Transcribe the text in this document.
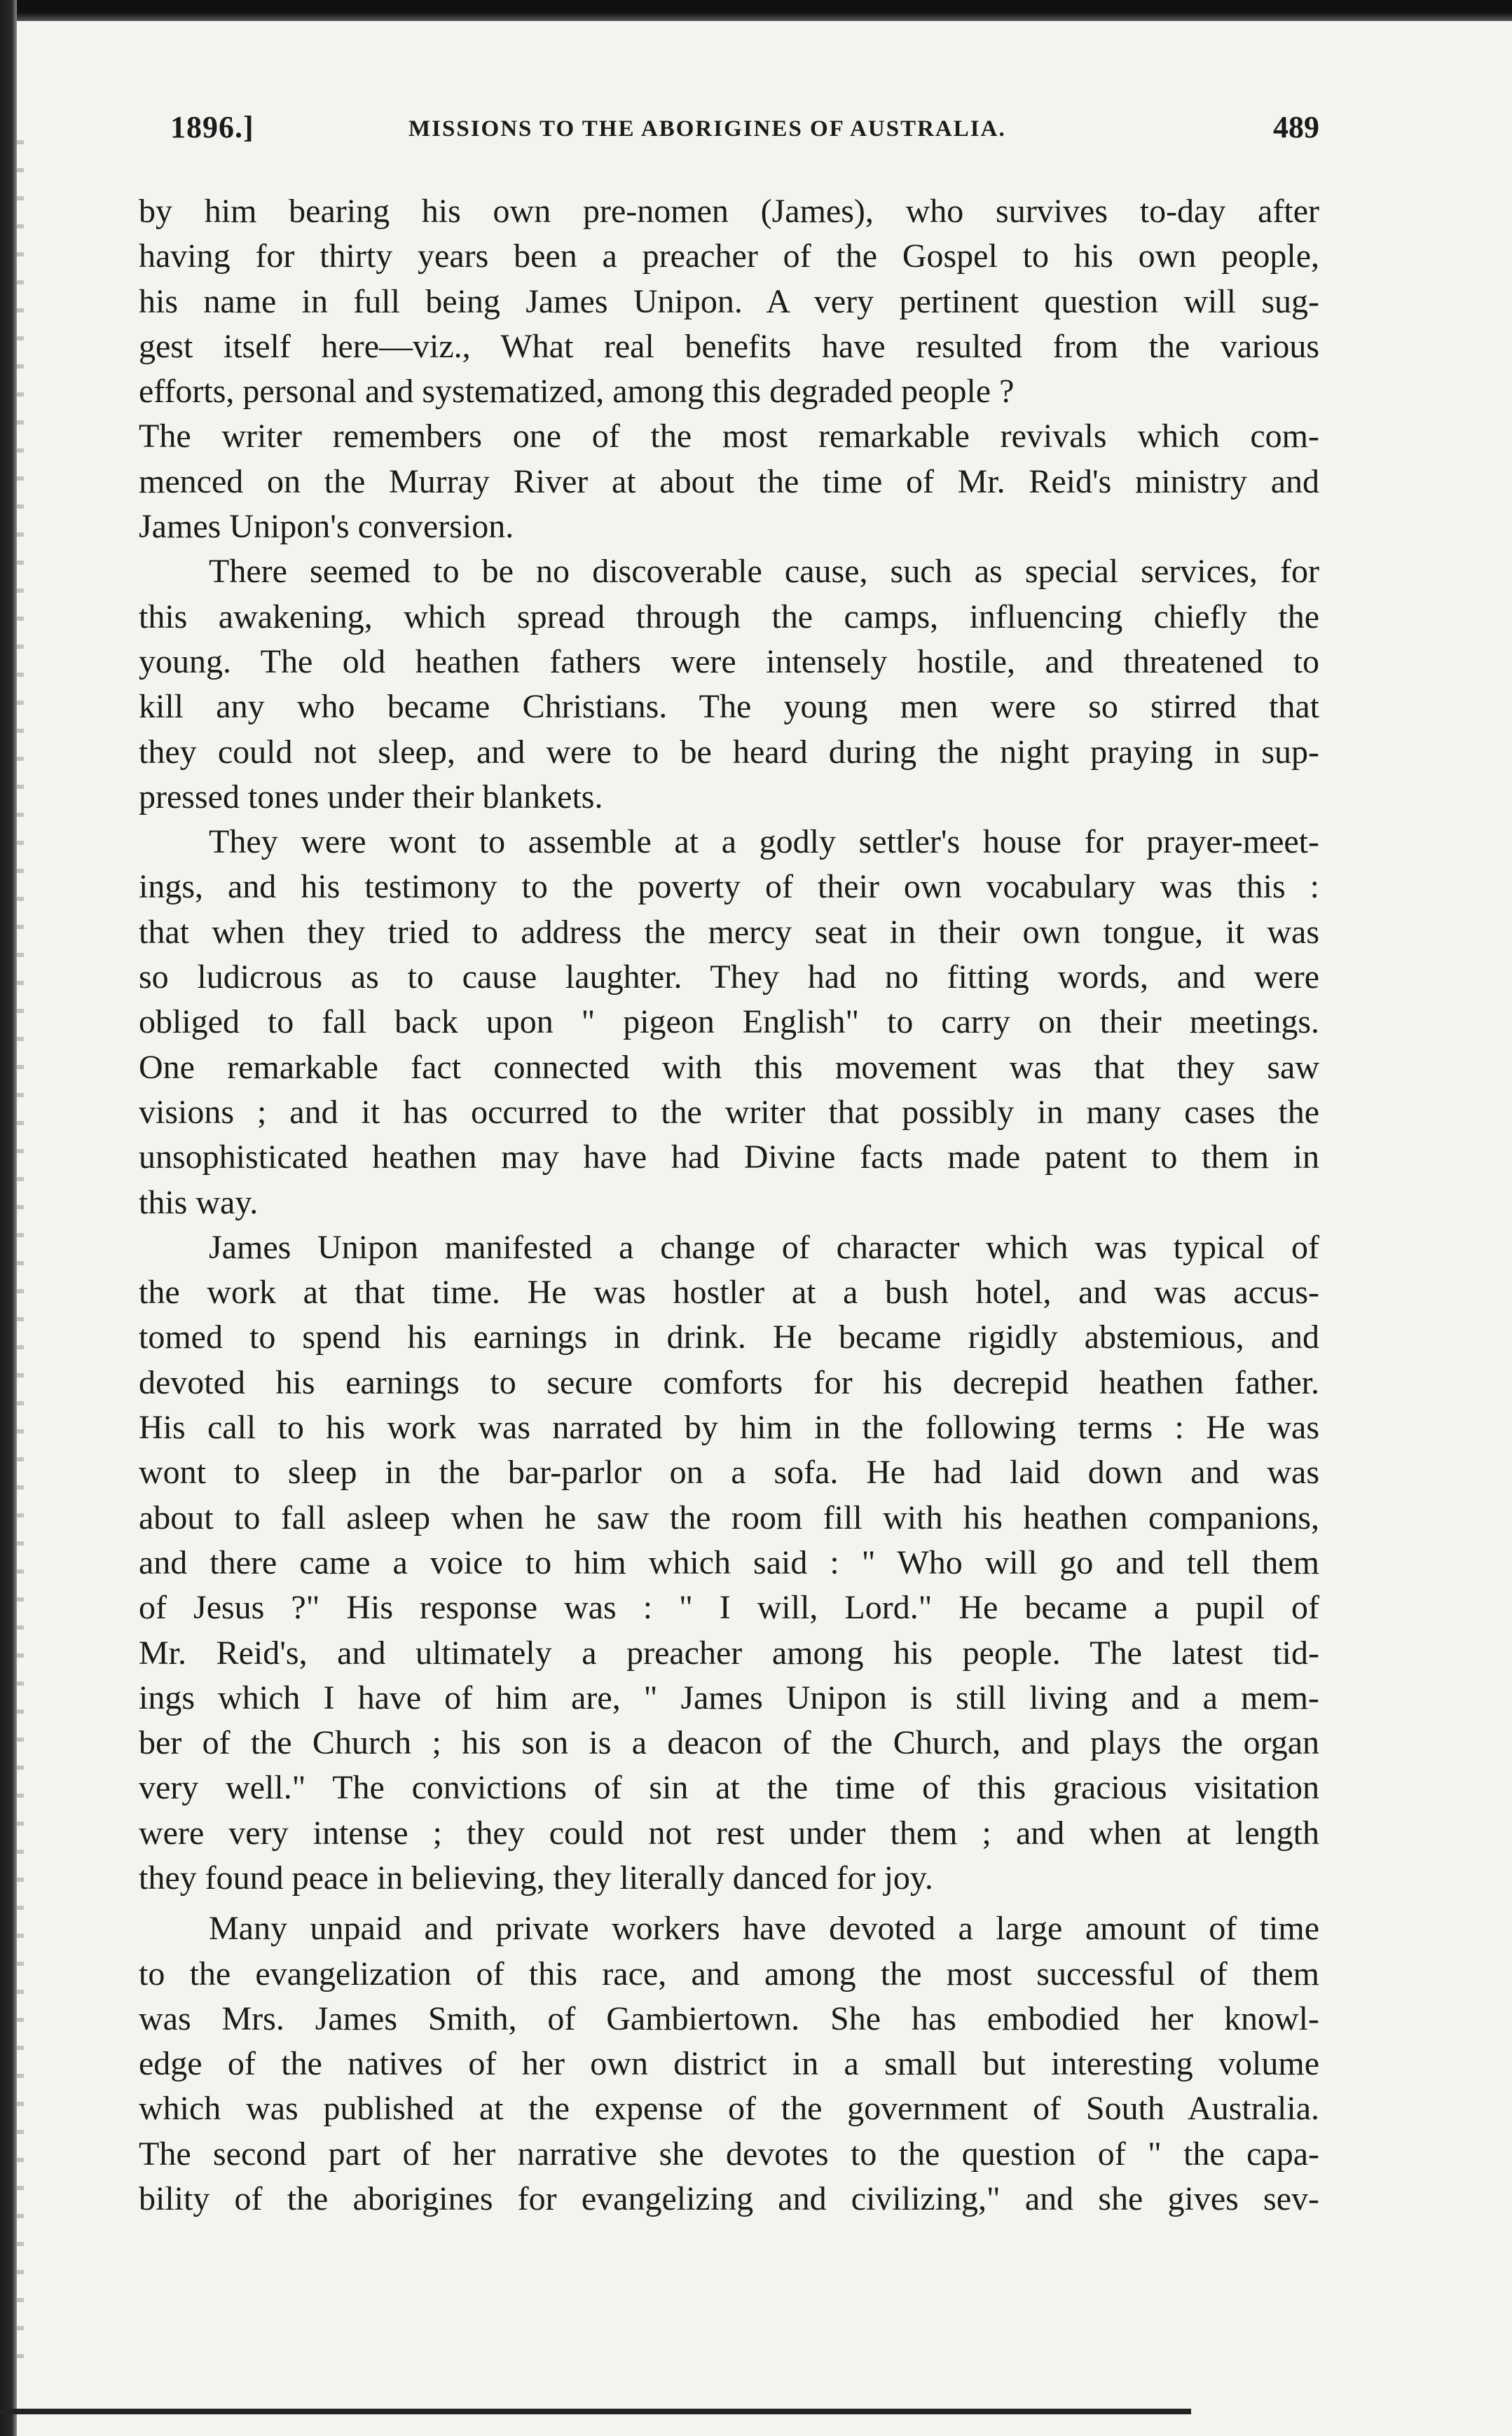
1896.]	MISSIONS TO THE ABORIGINES OF AUSTRALIA.	489
by him bearing his own pre-nomen (James), who survives to-day after
having for thirty years been a preacher of the Gospel to his own people,
his name in full being James Unipon. A very pertinent question will sug-
gest itself here—viz., What real benefits have resulted from the various
efforts, personal and systematized, among this degraded people ?
The writer remembers one of the most remarkable revivals which com-
menced on the Murray River at about the time of Mr. Reid's ministry and
James Unipon's conversion.
There seemed to be no discoverable cause, such as special services, for
this awakening, which spread through the camps, influencing chiefly the
young. The old heathen fathers were intensely hostile, and threatened to
kill any who became Christians. The young men were so stirred that
they could not sleep, and were to be heard during the night praying in sup-
pressed tones under their blankets.
They were wont to assemble at a godly settler's house for prayer-meet-
ings, and his testimony to the poverty of their own vocabulary was this :
that when they tried to address the mercy seat in their own tongue, it was
so ludicrous as to cause laughter. They had no fitting words, and were
obliged to fall back upon " pigeon English" to carry on their meetings.
One remarkable fact connected with this movement was that they saw
visions ; and it has occurred to the writer that possibly in many cases the
unsophisticated heathen may have had Divine facts made patent to them in
this way.
James Unipon manifested a change of character which was typical of
the work at that time. He was hostler at a bush hotel, and was accus-
tomed to spend his earnings in drink. He became rigidly abstemious, and
devoted his earnings to secure comforts for his decrepid heathen father.
His call to his work was narrated by him in the following terms : He was
wont to sleep in the bar-parlor on a sofa. He had laid down and was
about to fall asleep when he saw the room fill with his heathen companions,
and there came a voice to him which said : " Who will go and tell them
of Jesus ?" His response was : " I will, Lord." He became a pupil of
Mr. Reid's, and ultimately a preacher among his people. The latest tid-
ings which I have of him are, " James Unipon is still living and a mem-
ber of the Church ; his son is a deacon of the Church, and plays the organ
very well." The convictions of sin at the time of this gracious visitation
were very intense ; they could not rest under them ; and when at length
they found peace in believing, they literally danced for joy.
Many unpaid and private workers have devoted a large amount of time
to the evangelization of this race, and among the most successful of them
was Mrs. James Smith, of Gambiertown. She has embodied her knowl-
edge of the natives of her own district in a small but interesting volume
which was published at the expense of the government of South Australia.
The second part of her narrative she devotes to the question of " the capa-
bility of the aborigines for evangelizing and civilizing," and she gives sev-
